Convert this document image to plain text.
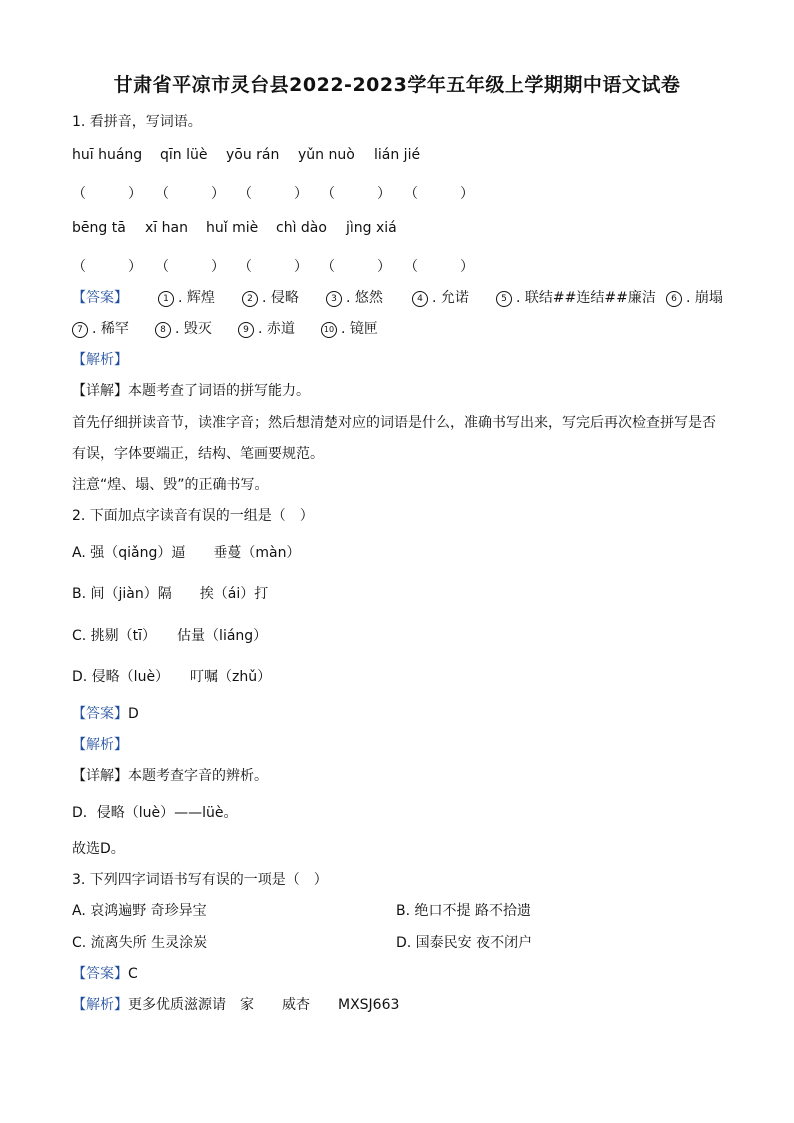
甘肃省平凉市灵台县2022-2023学年五年级上学期期中语文试卷
1. 看拼音，写词语。
huī huáng qīn lüè yōu rán yǔn nuò lián jié
（　　　） （　　　） （　　　） （　　　） （　　　）
bēng tā xī han huǐ miè chì dào jìng xiá
（　　　） （　　　） （　　　） （　　　） （　　　）
【答案】	1 . 辉煌	2 . 侵略	3 . 悠然	4 . 允诺	5 . 联结##连结##廉洁	6 . 崩塌
7 . 稀罕	8 . 毁灭	9 . 赤道	10 . 镜匣
【解析】
【详解】本题考查了词语的拼写能力。
首先仔细拼读音节，读准字音；然后想清楚对应的词语是什么，准确书写出来，写完后再次检查拼写是否
有误，字体要端正，结构、笔画要规范。
注意“煌、塌、毁”的正确书写。
2. 下面加点字读音有误的一组是（　）
A. 强（qiǎng）逼　　垂蔓（màn）
B. 间（jiàn）隔　　挨（ái）打
C. 挑剔（tī）　　估量（liáng）
D. 侵略（luè）　　叮嘱（zhǔ）
【答案】D
【解析】
【详解】本题考查字音的辨析。
D．侵略（luè）——lüè。
故选D。
3. 下列四字词语书写有误的一项是（　）
A. 哀鸿遍野 奇珍异宝	B. 绝口不提 路不拾遗
C. 流离失所 生灵涂炭	D. 国泰民安 夜不闭户
【答案】C
【解析】更多优质滋源请　家　　威杏　　MXSJ663
